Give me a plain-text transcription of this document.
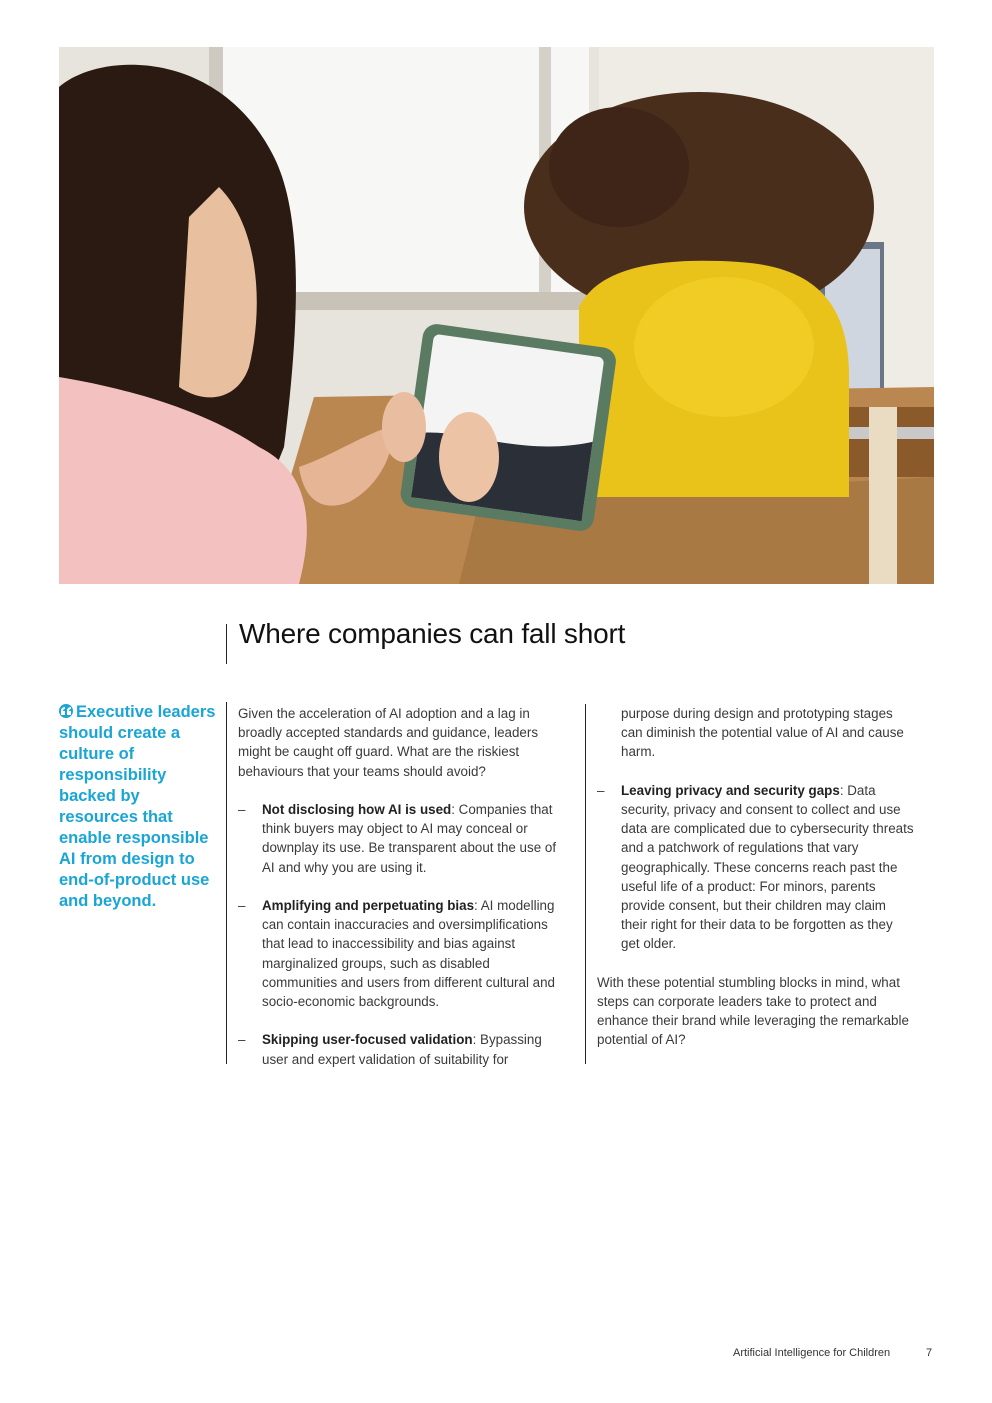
Where companies can fall short
Executive leaders should create a culture of responsibility backed by resources that enable responsible AI from design to end-of-product use and beyond.

Given the acceleration of AI adoption and a lag in broadly accepted standards and guidance, leaders might be caught off guard. What are the riskiest behaviours that your teams should avoid?

– Not disclosing how AI is used: Companies that think buyers may object to AI may conceal or downplay its use. Be transparent about the use of AI and why you are using it.
– Amplifying and perpetuating bias: AI modelling can contain inaccuracies and oversimplifications that lead to inaccessibility and bias against marginalized groups, such as disabled communities and users from different cultural and socio-economic backgrounds.
– Skipping user-focused validation: Bypassing user and expert validation of suitability for

purpose during design and prototyping stages can diminish the potential value of AI and cause harm.

– Leaving privacy and security gaps: Data security, privacy and consent to collect and use data are complicated due to cybersecurity threats and a patchwork of regulations that vary geographically. These concerns reach past the useful life of a product: For minors, parents provide consent, but their children may claim their right for their data to be forgotten as they get older.

With these potential stumbling blocks in mind, what steps can corporate leaders take to protect and enhance their brand while leveraging the remarkable potential of AI?

Artificial Intelligence for Children	7
